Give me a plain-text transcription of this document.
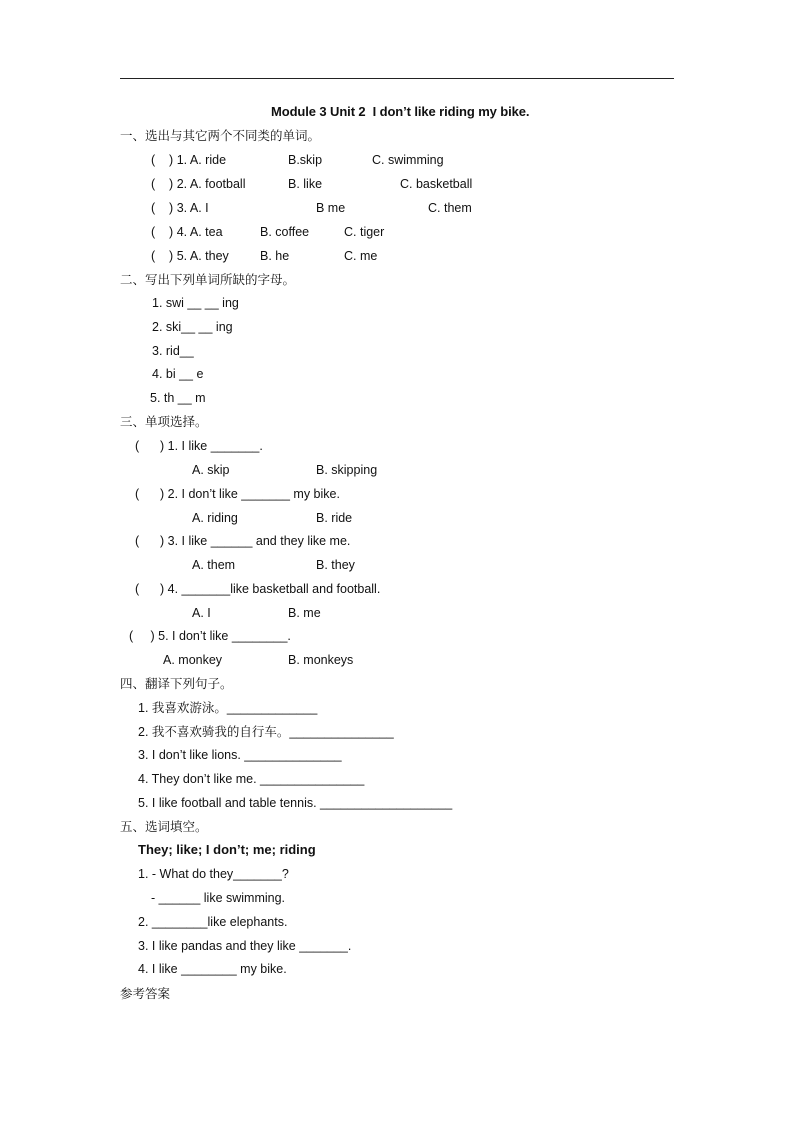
Module 3 Unit 2  I don’t like riding my bike.
一、选出与其它两个不同类的单词。
(    ) 1. A. ride	B.skip	C. swimming
(    ) 2. A. football	B. like	C. basketball
(    ) 3. A. I	B me	C. them
(    ) 4. A. tea	B. coffee	C. tiger
(    ) 5. A. they B. he	C. me
二、写出下列单词所缺的字母。
1. swi __ __ ing
2. ski__ __ ing
3. rid__
4. bi __ e
5. th __ m
三、单项选择。
(      ) 1. I like _______.
A. skip	B. skipping
(      ) 2. I don’t like _______ my bike.
A. riding	B. ride
(      ) 3. I like ______ and they like me.
A. them	B. they
(      ) 4. _______like basketball and football.
A. I	B. me
(     ) 5. I don’t like ________.
A. monkey	B. monkeys
四、翻译下列句子。
1. 我喜欢游泳。_____________
2. 我不喜欢骑我的自行车。_______________
3. I don’t like lions. ______________
4. They don’t like me. _______________
5. I like football and table tennis. ___________________
五、选词填空。
They; like; I don’t; me; riding
1. - What do they_______?
- ______ like swimming.
2. ________like elephants.
3. I like pandas and they like _______.
4. I like ________ my bike.
参考答案
